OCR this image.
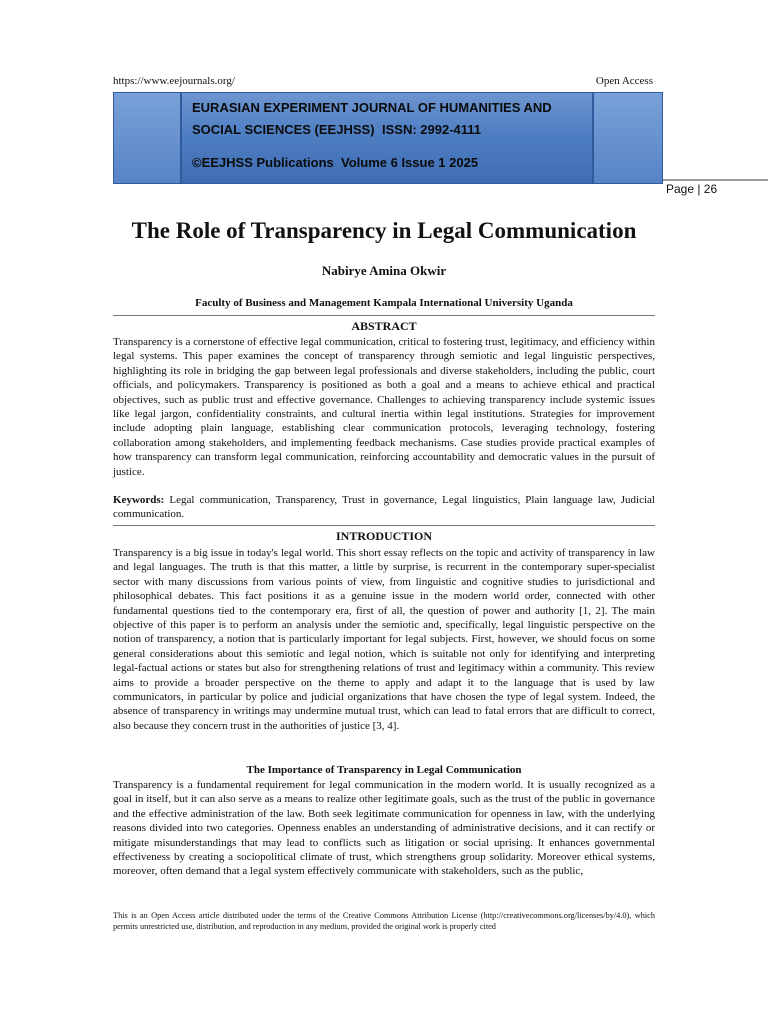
https://www.eejournals.org/	Open Access
EURASIAN EXPERIMENT JOURNAL OF HUMANITIES AND
SOCIAL SCIENCES (EEJHSS) ISSN: 2992-4111
©EEJHSS Publications Volume 6 Issue 1 2025
Page | 26
The Role of Transparency in Legal Communication
Nabirye Amina Okwir
Faculty of Business and Management Kampala International University Uganda
ABSTRACT
Transparency is a cornerstone of effective legal communication, critical to fostering trust, legitimacy, and efficiency within legal systems. This paper examines the concept of transparency through semiotic and legal linguistic perspectives, highlighting its role in bridging the gap between legal professionals and diverse stakeholders, including the public, court officials, and policymakers. Transparency is positioned as both a goal and a means to achieve ethical and practical objectives, such as public trust and effective governance. Challenges to achieving transparency include systemic issues like legal jargon, confidentiality constraints, and cultural inertia within legal institutions. Strategies for improvement include adopting plain language, establishing clear communication protocols, leveraging technology, fostering collaboration among stakeholders, and implementing feedback mechanisms. Case studies provide practical examples of how transparency can transform legal communication, reinforcing accountability and democratic values in the pursuit of justice.
Keywords: Legal communication, Transparency, Trust in governance, Legal linguistics, Plain language law, Judicial communication.
INTRODUCTION
Transparency is a big issue in today's legal world. This short essay reflects on the topic and activity of transparency in law and legal languages. The truth is that this matter, a little by surprise, is recurrent in the contemporary super-specialist sector with many discussions from various points of view, from linguistic and cognitive studies to jurisdictional and philosophical debates. This fact positions it as a genuine issue in the modern world order, connected with other fundamental questions tied to the contemporary era, first of all, the question of power and authority [1, 2]. The main objective of this paper is to perform an analysis under the semiotic and, specifically, legal linguistic perspective on the notion of transparency, a notion that is particularly important for legal subjects. First, however, we should focus on some general considerations about this semiotic and legal notion, which is suitable not only for identifying and interpreting legal-factual actions or states but also for strengthening relations of trust and legitimacy within a community. This review aims to provide a broader perspective on the theme to apply and adapt it to the language that is used by law communicators, in particular by police and judicial organizations that have chosen the type of legal system. Indeed, the absence of transparency in writings may undermine mutual trust, which can lead to fatal errors that are difficult to correct, also because they concern trust in the authorities of justice [3, 4].
The Importance of Transparency in Legal Communication
Transparency is a fundamental requirement for legal communication in the modern world. It is usually recognized as a goal in itself, but it can also serve as a means to realize other legitimate goals, such as the trust of the public in governance and the effective administration of the law. Both seek legitimate communication for openness in law, with the underlying reasons divided into two categories. Openness enables an understanding of administrative decisions, and it can rectify or mitigate misunderstandings that may lead to conflicts such as litigation or social uprising. It enhances governmental effectiveness by creating a sociopolitical climate of trust, which strengthens group solidarity. Moreover ethical systems, moreover, often demand that a legal system effectively communicate with stakeholders, such as the public,
This is an Open Access article distributed under the terms of the Creative Commons Attribution License (http://creativecommons.org/licenses/by/4.0), which permits unrestricted use, distribution, and reproduction in any medium, provided the original work is properly cited
